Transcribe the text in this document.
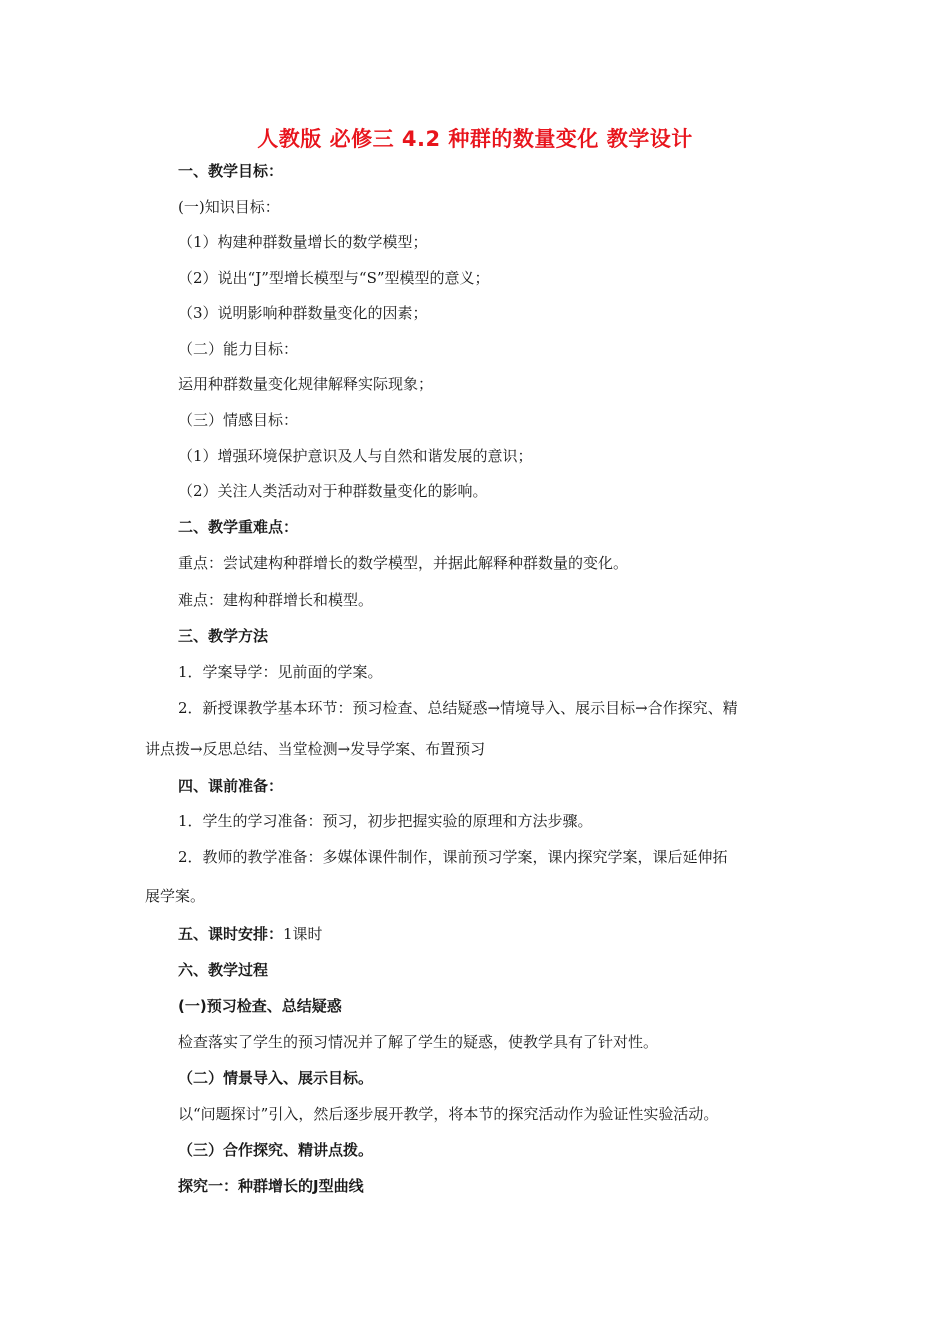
人教版 必修三 4.2 种群的数量变化 教学设计
一、教学目标：
(一)知识目标：
（1）构建种群数量增长的数学模型；
（2）说出“J”型增长模型与“S”型模型的意义；
（3）说明影响种群数量变化的因素；
（二）能力目标：
运用种群数量变化规律解释实际现象；
（三）情感目标：
（1）增强环境保护意识及人与自然和谐发展的意识；
（2）关注人类活动对于种群数量变化的影响。
二、教学重难点：
重点：尝试建构种群增长的数学模型，并据此解释种群数量的变化。
难点：建构种群增长和模型。
三、教学方法
1．学案导学：见前面的学案。
2．新授课教学基本环节：预习检查、总结疑惑→情境导入、展示目标→合作探究、精
讲点拨→反思总结、当堂检测→发导学案、布置预习
四、课前准备：
1．学生的学习准备：预习，初步把握实验的原理和方法步骤。
2．教师的教学准备：多媒体课件制作，课前预习学案，课内探究学案，课后延伸拓
展学案。
五、课时安排：1课时
六、教学过程
(一)预习检查、总结疑惑
检查落实了学生的预习情况并了解了学生的疑惑，使教学具有了针对性。
（二）情景导入、展示目标。
以“问题探讨”引入，然后逐步展开教学，将本节的探究活动作为验证性实验活动。
（三）合作探究、精讲点拨。
探究一：种群增长的J型曲线
